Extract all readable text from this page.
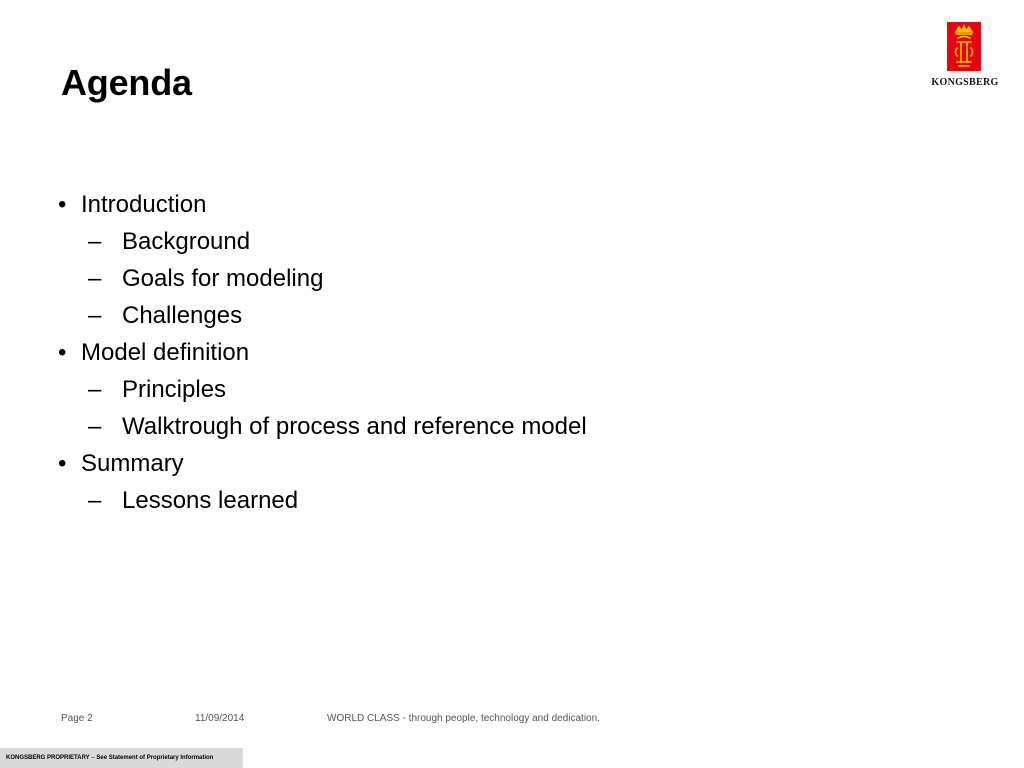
Agenda	KONGSBERG
• Introduction
– Background
– Goals for modeling
– Challenges
• Model definition
– Principles
– Walktrough of process and reference model
• Summary
– Lessons learned
Page 2	11/09/2014	WORLD CLASS - through people, technology and dedication.
KONGSBERG PROPRIETARY – See Statement of Proprietary Information
